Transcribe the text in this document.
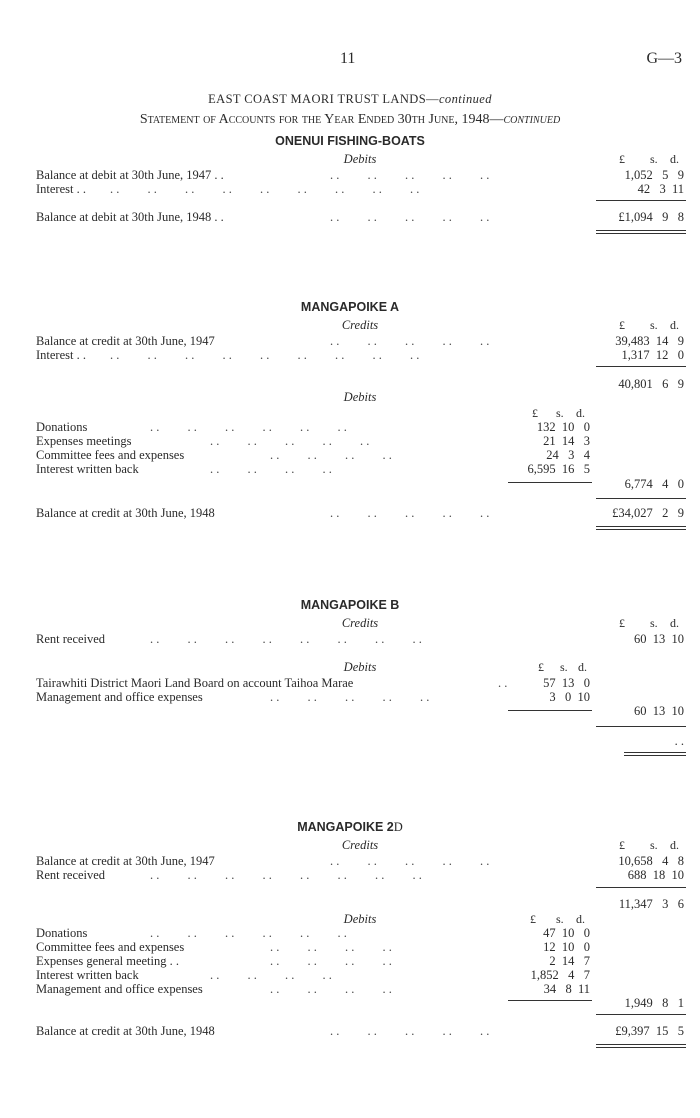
11	G—3
EAST COAST MAORI TRUST LANDS—continued
Statement of Accounts for the Year Ended 30th June, 1948—continued
ONENUI FISHING-BOATS
Debits	£ s. d.
Balance at debit at 30th June, 1947 . .	. .         . .         . .         . .         . .	1,052   5   9
Interest . . . .         . .         . .         . .         . .         . .         . .         . .         . .	42   3  11
Balance at debit at 30th June, 1948 . .	. .         . .         . .         . .         . .	£1,094   9   8
MANGAPOIKE A
Credits	£ s. d.
Balance at credit at 30th June, 1947	. .         . .         . .         . .         . .	39,483  14   9
Interest . . . .         . .         . .         . .         . .         . .         . .         . .         . .	1,317  12   0
40,801   6   9
Debits
£ s. d.
Donations	. .         . .         . .         . .         . .         . .	132  10   0
Expenses meetings	. .         . .         . .         . .         . .	21  14   3
Committee fees and expenses	. .         . .         . .         . .	24   3   4
Interest written back	. .         . .         . .         . .	6,595  16   5
6,774   4   0
Balance at credit at 30th June, 1948	. .         . .         . .         . .         . .	£34,027   2   9
MANGAPOIKE B
Credits	£ s. d.
Rent received	. .         . .         . .         . .         . .         . .         . .         . .	60  13  10
Debits	£ s. d.
Tairawhiti District Maori Land Board on account Taihoa Marae	. .	57  13   0
Management and office expenses	. .         . .         . .         . .         . .	3   0  10
60  13  10
. .
MANGAPOIKE 2D
Credits	£ s. d.
Balance at credit at 30th June, 1947	. .         . .         . .         . .         . .	10,658   4   8
Rent received	. .         . .         . .         . .         . .         . .         . .         . .	688  18  10
11,347   3   6
Debits	£ s. d.
Donations	. .         . .         . .         . .         . .         . .	47  10   0
Committee fees and expenses	. .         . .         . .         . .	12  10   0
Expenses general meeting . .	. .         . .         . .         . .	2  14   7
Interest written back	. .         . .         . .         . .	1,852   4   7
Management and office expenses	. .         . .         . .         . .	34   8  11
1,949   8   1
Balance at credit at 30th June, 1948	. .         . .         . .         . .         . .	£9,397  15   5
